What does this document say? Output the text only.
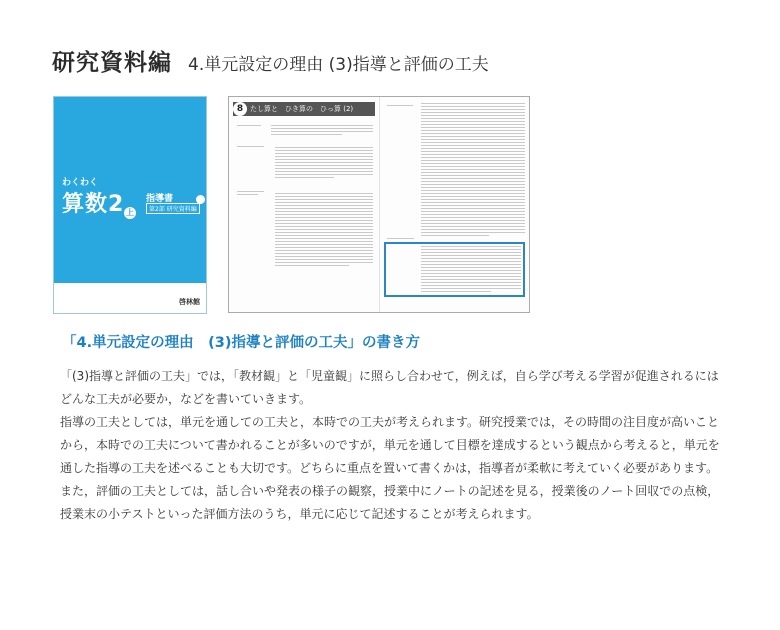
研究資料編 4.単元設定の理由 (3)指導と評価の工夫
わくわく
算数2 上
指導書
第2部 研究資料編
啓林館
8 たし算と　ひき算の　ひっ算 (2)
「4.単元設定の理由　(3)指導と評価の工夫」の書き方

「(3)指導と評価の工夫」では，「教材観」と「児童観」に照らし合わせて，例えば，自ら学び考える学習が促進されるにはどんな工夫が必要か，などを書いていきます。

指導の工夫としては，単元を通しての工夫と，本時での工夫が考えられます。研究授業では，その時間の注目度が高いことから，本時での工夫について書かれることが多いのですが，単元を通して目標を達成するという観点から考えると，単元を通した指導の工夫を述べることも大切です。どちらに重点を置いて書くかは，指導者が柔軟に考えていく必要があります。

また，評価の工夫としては，話し合いや発表の様子の観察，授業中にノートの記述を見る，授業後のノート回収での点検，授業末の小テストといった評価方法のうち，単元に応じて記述することが考えられます。
